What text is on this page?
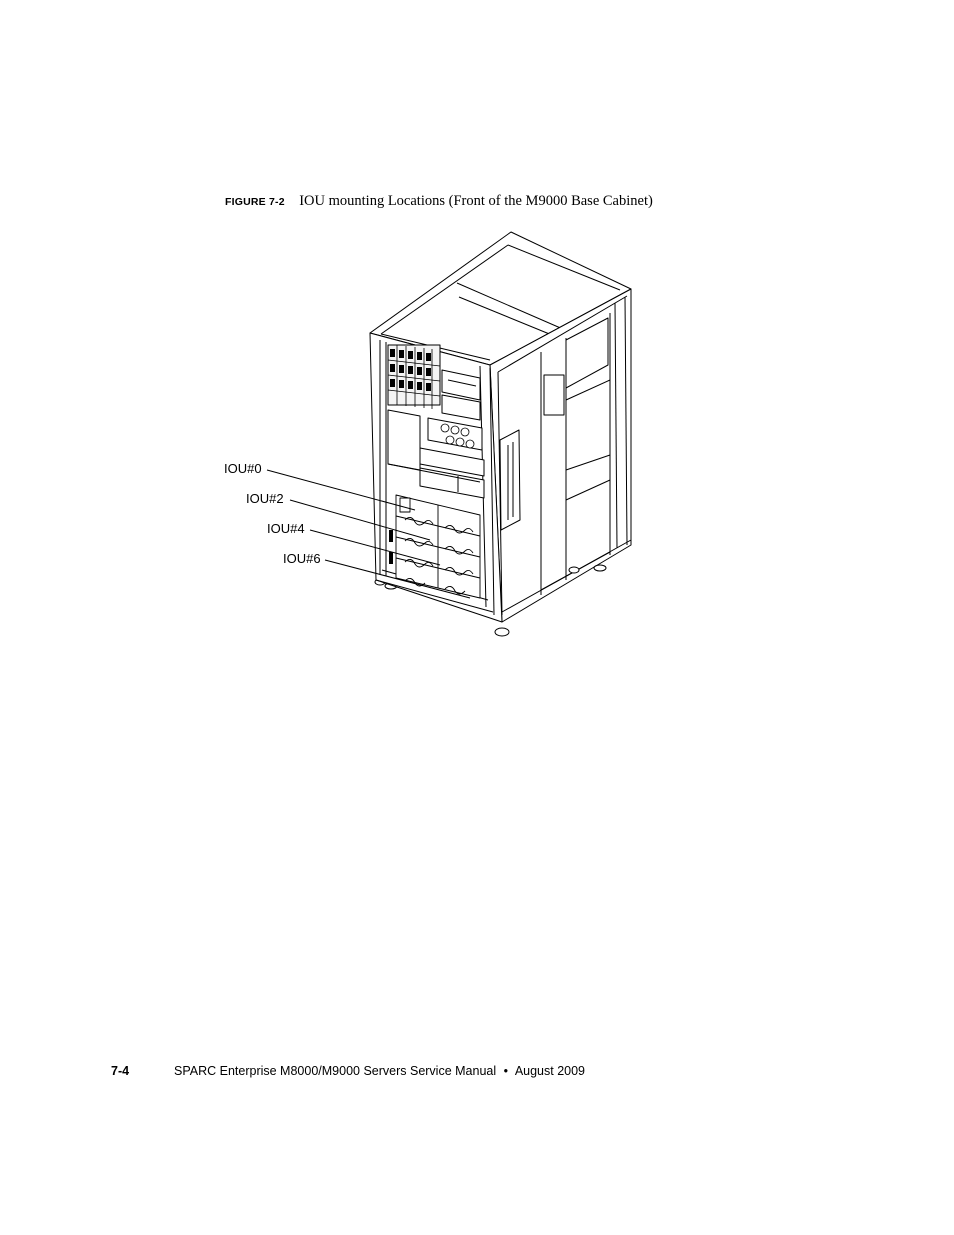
FIGURE 7-2 IOU mounting Locations (Front of the M9000 Base Cabinet)
IOU#0
IOU#2
IOU#4
IOU#6
7-4	SPARC Enterprise M8000/M9000 Servers Service Manual • August 2009
